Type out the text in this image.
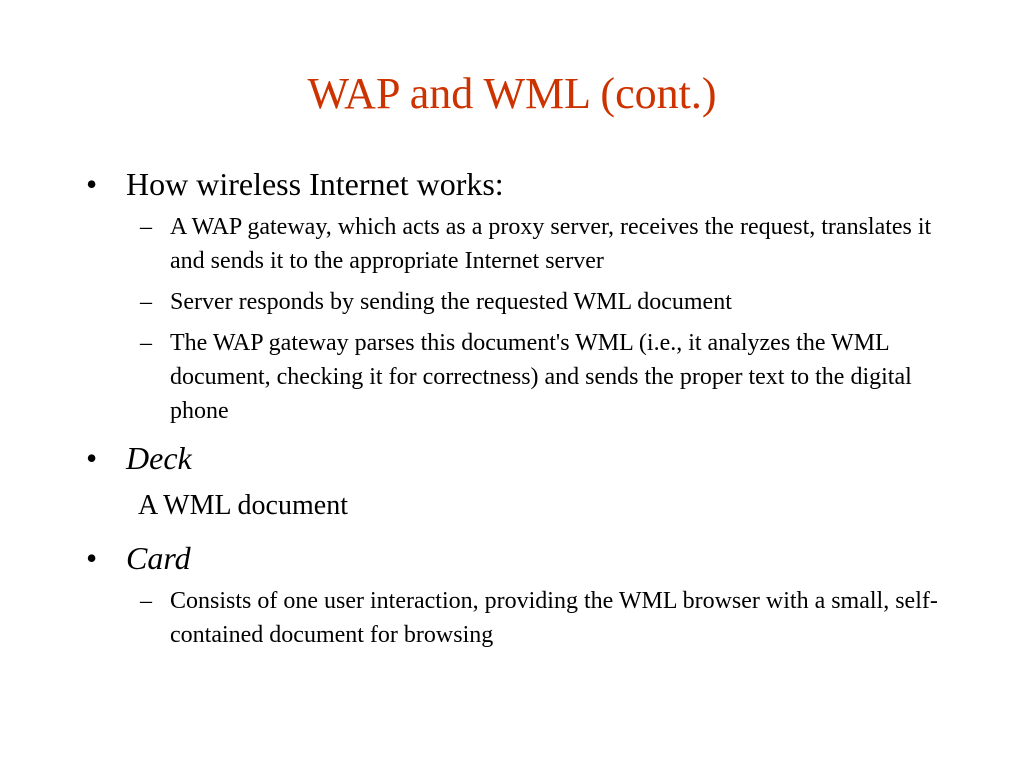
WAP and WML (cont.)
• How wireless Internet works:
– A WAP gateway, which acts as a proxy server, receives the request, translates it and sends it to the appropriate Internet server
– Server responds by sending the requested WML document
– The WAP gateway parses this document's WML (i.e., it analyzes the WML document, checking it for correctness) and sends the proper text to the digital phone
• Deck
A WML document
• Card
– Consists of one user interaction, providing the WML browser with a small, self-contained document for browsing
